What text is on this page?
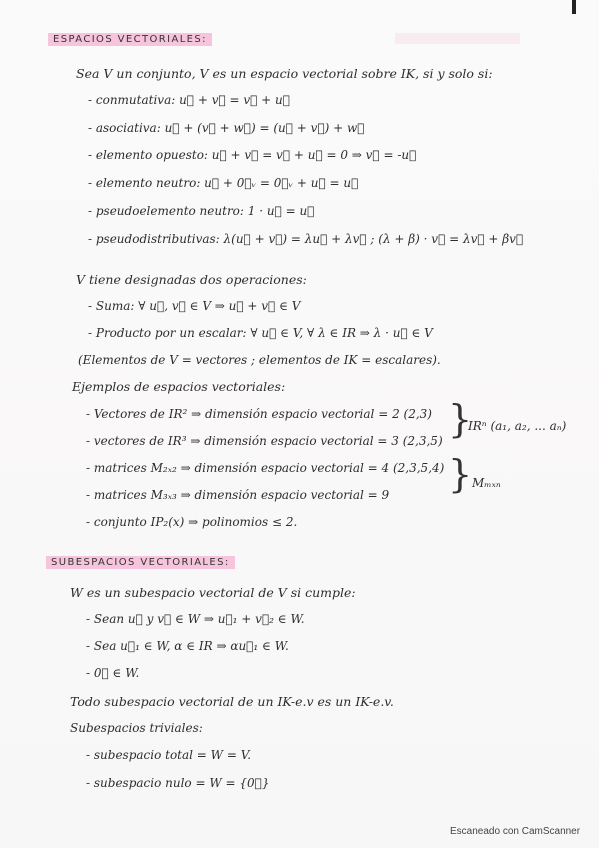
ESPACIOS VECTORIALES:
Sea V un conjunto, V es un espacio vectorial sobre IK, si y solo si:
- conmutativa: u⃗ + v⃗ = v⃗ + u⃗
- asociativa: u⃗ + (v⃗ + w⃗) = (u⃗ + v⃗) + w⃗
- elemento opuesto: u⃗ + v⃗ = v⃗ + u⃗ = 0 ⇒ v⃗ = -u⃗
- elemento neutro: u⃗ + 0⃗ᵥ = 0⃗ᵥ + u⃗ = u⃗
- pseudoelemento neutro: 1 · u⃗ = u⃗
- pseudodistributivas: λ(u⃗ + v⃗) = λu⃗ + λv⃗ ; (λ + β) · v⃗ = λv⃗ + βv⃗
V tiene designadas dos operaciones:
- Suma: ∀ u⃗, v⃗ ∈ V ⇒ u⃗ + v⃗ ∈ V
- Producto por un escalar: ∀ u⃗ ∈ V, ∀ λ ∈ IR ⇒ λ · u⃗ ∈ V
(Elementos de V = vectores ; elementos de IK = escalares).
Ejemplos de espacios vectoriales:
- Vectores de IR² ⇒ dimensión espacio vectorial = 2 (2,3)
- vectores de IR³ ⇒ dimensión espacio vectorial = 3 (2,3,5)
- matrices M₂ₓ₂ ⇒ dimensión espacio vectorial = 4 (2,3,5,4)
- matrices M₃ₓ₃ ⇒ dimensión espacio vectorial = 9
- conjunto IP₂(x) ⇒ polinomios ≤ 2.
}
IRⁿ (a₁, a₂, ... aₙ)
} Mₘₓₙ
SUBESPACIOS VECTORIALES:
W es un subespacio vectorial de V si cumple:
- Sean u⃗ y v⃗ ∈ W ⇒ u⃗₁ + v⃗₂ ∈ W.
- Sea u⃗₁ ∈ W, α ∈ IR ⇒ αu⃗₁ ∈ W.
- 0⃗ ∈ W.
Todo subespacio vectorial de un IK-e.v es un IK-e.v.
Subespacios triviales:
- subespacio total = W = V.
- subespacio nulo = W = {0⃗}
Escaneado con CamScanner
